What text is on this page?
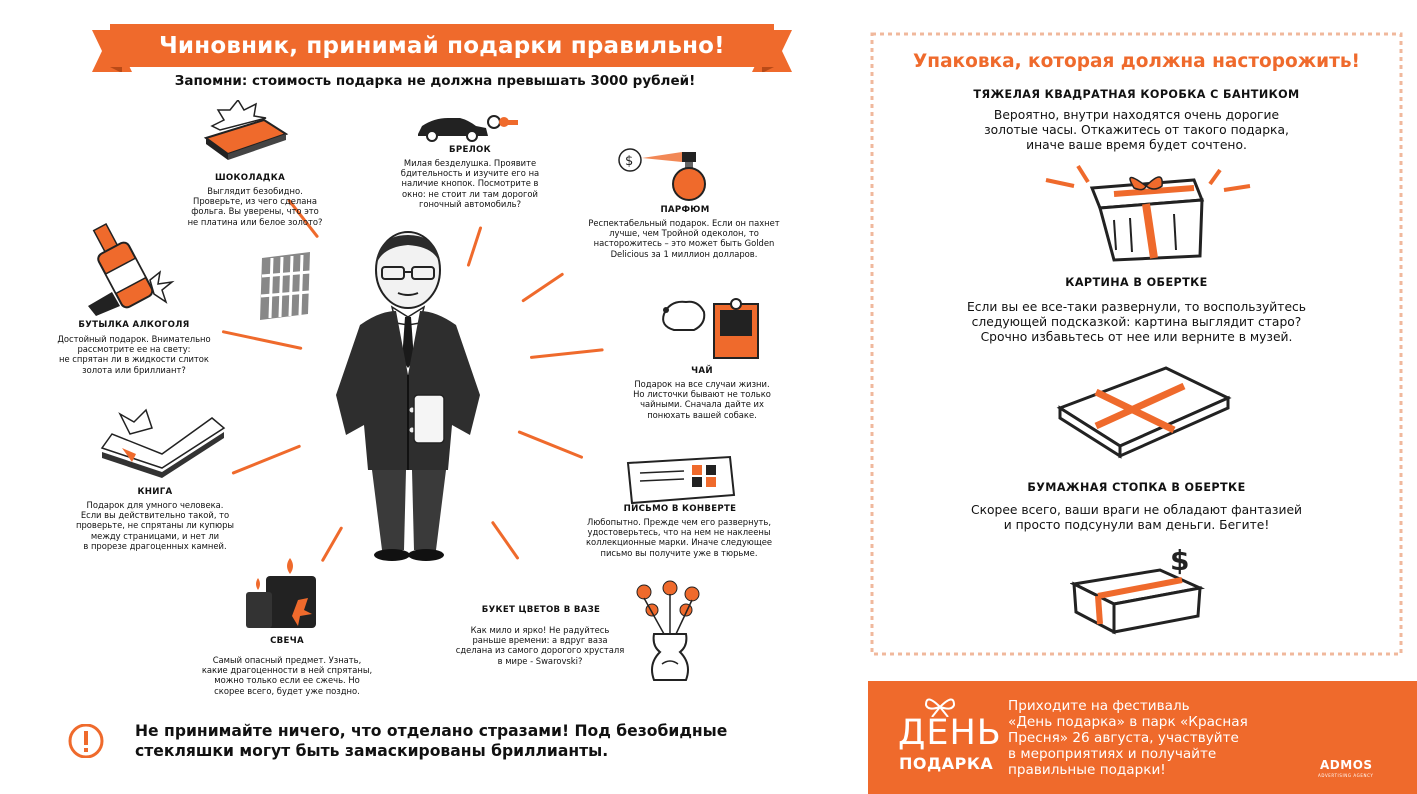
Чиновник, принимай подарки правильно!
Запомни: стоимость подарка не должна превышать 3000 рублей!
$
ШОКОЛАДКА
Выглядит безобидно.
Проверьте, из чего сделана
фольга. Вы уверены, что это
не платина или белое золото?
БРЕЛОК
Милая безделушка. Проявите
бдительность и изучите его на
наличие кнопок. Посмотрите в
окно: не стоит ли там дорогой
гоночный автомобиль?
ПАРФЮМ
Респектабельный подарок. Если он пахнет
лучше, чем Тройной одеколон, то
насторожитесь – это может быть Golden
Delicious за 1 миллион долларов.
БУТЫЛКА АЛКОГОЛЯ
Достойный подарок. Внимательно
рассмотрите ее на свету:
не спрятан ли в жидкости слиток
золота или бриллиант?	ЧАЙ
Подарок на все случаи жизни.
Но листочки бывают не только
чайными. Сначала дайте их
понюхать вашей собаке.
КНИГА
Подарок для умного человека.
Если вы действительно такой, то
проверьте, не спрятаны ли купюры
между страницами, и нет ли
в прорезе драгоценных камней.
ПИСЬМО В КОНВЕРТЕ
Любопытно. Прежде чем его развернуть,
удостоверьтесь, что на нем не наклеены
коллекционные марки. Иначе следующее
письмо вы получите уже в тюрьме.
СВЕЧА
Самый опасный предмет. Узнать,
какие драгоценности в ней спрятаны,
можно только если ее сжечь. Но
скорее всего, будет уже поздно.
БУКЕТ ЦВЕТОВ В ВАЗЕ
Как мило и ярко! Не радуйтесь
раньше времени: а вдруг ваза
сделана из самого дорогого хрусталя
в мире - Swarovski?
Не принимайте ничего, что отделано стразами! Под безобидные
стекляшки могут быть замаскированы бриллианты.
Упаковка, которая должна насторожить!
ТЯЖЕЛАЯ КВАДРАТНАЯ КОРОБКА С БАНТИКОМ
Вероятно, внутри находятся очень дорогие
золотые часы. Откажитесь от такого подарка,
иначе ваше время будет сочтено.
КАРТИНА В ОБЕРТКЕ
Если вы ее все-таки развернули, то воспользуйтесь
следующей подсказкой: картина выглядит старо?
Срочно избавьтесь от нее или верните в музей.
БУМАЖНАЯ СТОПКА В ОБЕРТКЕ
Скорее всего, ваши враги не обладают фантазией
и просто подсунули вам деньги. Бегите!
$
ДЕНЬ
ПОДАРКА
Приходите на фестиваль
«День подарка» в парк «Красная
Пресня» 26 августа, участвуйте
в мероприятиях и получайте
правильные подарки!	ADMOS
ADVERTISING AGENCY
